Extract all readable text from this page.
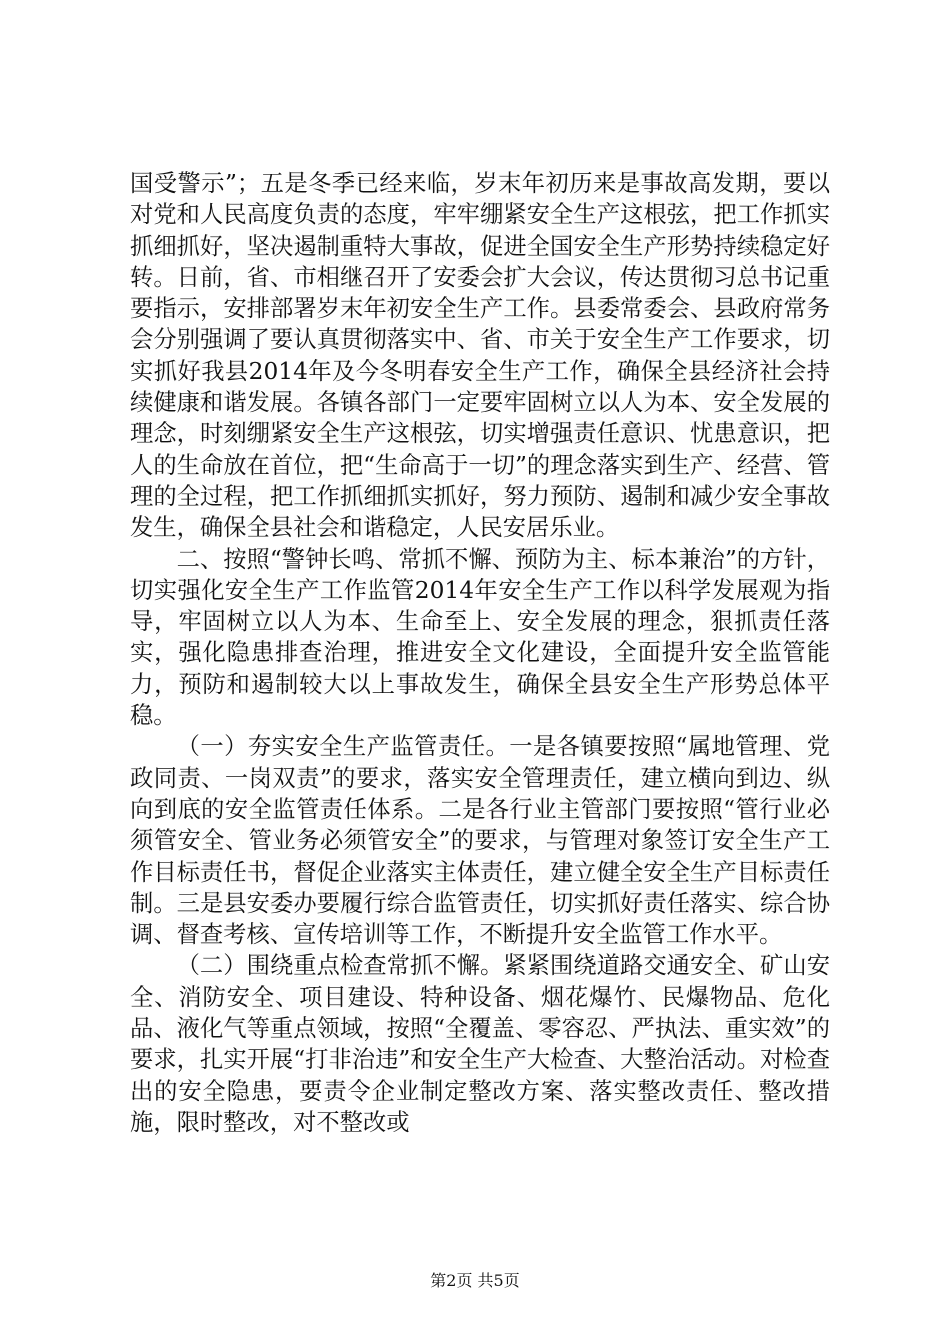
国受警示”；五是冬季已经来临，岁末年初历来是事故高发期，要以对党和人民高度负责的态度，牢牢绷紧安全生产这根弦，把工作抓实抓细抓好，坚决遏制重特大事故，促进全国安全生产形势持续稳定好转。日前，省、市相继召开了安委会扩大会议，传达贯彻习总书记重要指示，安排部署岁末年初安全生产工作。县委常委会、县政府常务会分别强调了要认真贯彻落实中、省、市关于安全生产工作要求，切实抓好我县2014年及今冬明春安全生产工作，确保全县经济社会持续健康和谐发展。各镇各部门一定要牢固树立以人为本、安全发展的理念，时刻绷紧安全生产这根弦，切实增强责任意识、忧患意识，把人的生命放在首位，把“生命高于一切”的理念落实到生产、经营、管理的全过程，把工作抓细抓实抓好，努力预防、遏制和减少安全事故发生，确保全县社会和谐稳定，人民安居乐业。

二、按照“警钟长鸣、常抓不懈、预防为主、标本兼治”的方针，切实强化安全生产工作监管2014年安全生产工作以科学发展观为指导，牢固树立以人为本、生命至上、安全发展的理念，狠抓责任落实，强化隐患排查治理，推进安全文化建设，全面提升安全监管能力，预防和遏制较大以上事故发生，确保全县安全生产形势总体平稳。

（一）夯实安全生产监管责任。一是各镇要按照“属地管理、党政同责、一岗双责”的要求，落实安全管理责任，建立横向到边、纵向到底的安全监管责任体系。二是各行业主管部门要按照“管行业必须管安全、管业务必须管安全”的要求，与管理对象签订安全生产工作目标责任书，督促企业落实主体责任，建立健全安全生产目标责任制。三是县安委办要履行综合监管责任，切实抓好责任落实、综合协调、督查考核、宣传培训等工作，不断提升安全监管工作水平。

（二）围绕重点检查常抓不懈。紧紧围绕道路交通安全、矿山安全、消防安全、项目建设、特种设备、烟花爆竹、民爆物品、危化品、液化气等重点领域，按照“全覆盖、零容忍、严执法、重实效”的要求，扎实开展“打非治违”和安全生产大检查、大整治活动。对检查出的安全隐患，要责令企业制定整改方案、落实整改责任、整改措施，限时整改，对不整改或

第2页 共5页
